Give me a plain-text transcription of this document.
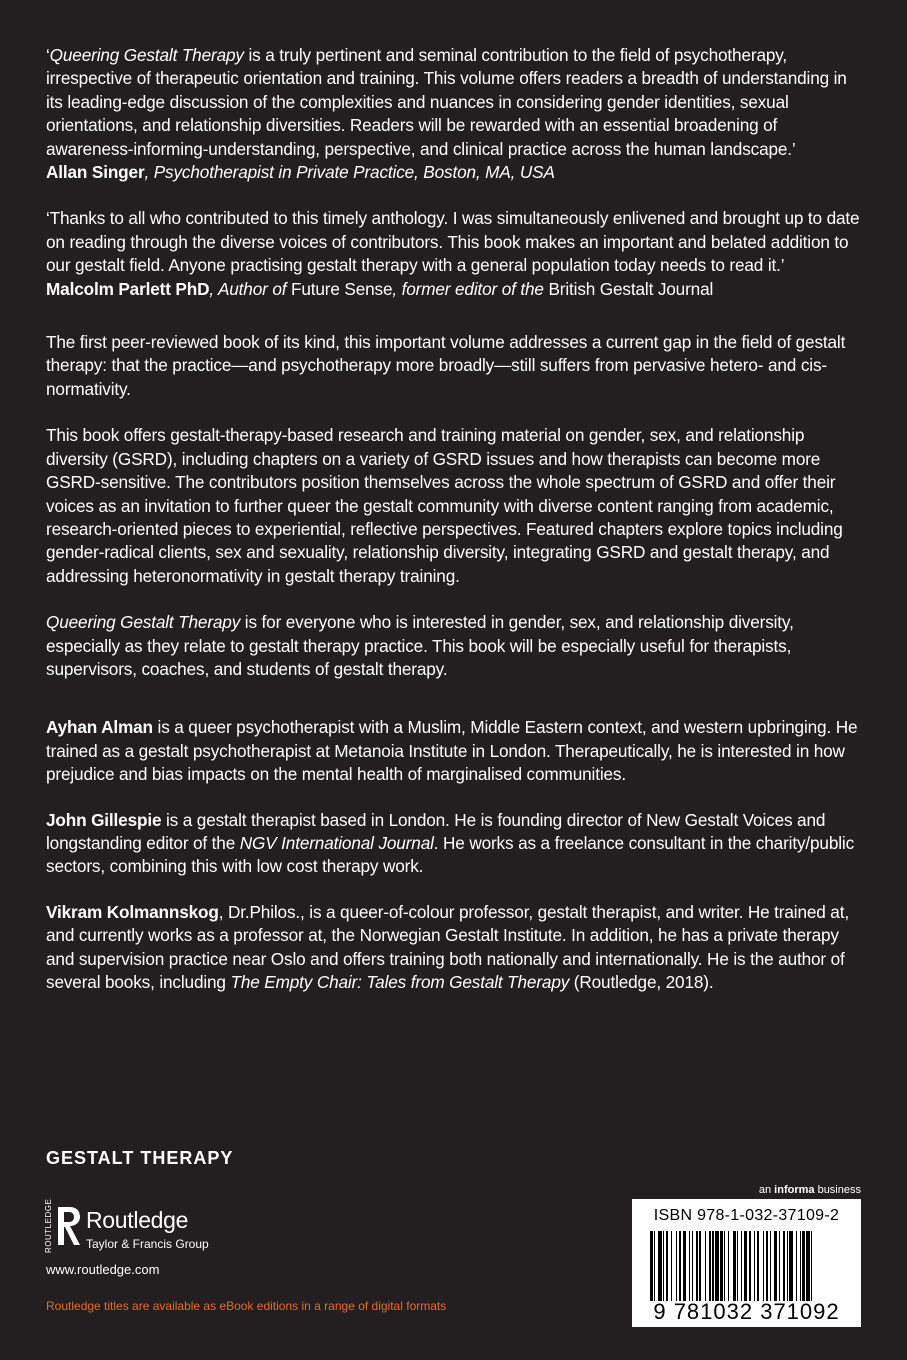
‘Queering Gestalt Therapy is a truly pertinent and seminal contribution to the field of psychotherapy, irrespective of therapeutic orientation and training. This volume offers readers a breadth of understanding in its leading-edge discussion of the complexities and nuances in considering gender identities, sexual orientations, and relationship diversities. Readers will be rewarded with an essential broadening of awareness-informing-understanding, perspective, and clinical practice across the human landscape.’
Allan Singer, Psychotherapist in Private Practice, Boston, MA, USA

‘Thanks to all who contributed to this timely anthology. I was simultaneously enlivened and brought up to date on reading through the diverse voices of contributors. This book makes an important and belated addition to our gestalt field. Anyone practising gestalt therapy with a general population today needs to read it.’
Malcolm Parlett PhD, Author of Future Sense, former editor of the British Gestalt Journal

The first peer-reviewed book of its kind, this important volume addresses a current gap in the field of gestalt therapy: that the practice—and psychotherapy more broadly—still suffers from pervasive hetero- and cis-normativity.

This book offers gestalt-therapy-based research and training material on gender, sex, and relationship diversity (GSRD), including chapters on a variety of GSRD issues and how therapists can become more GSRD-sensitive. The contributors position themselves across the whole spectrum of GSRD and offer their voices as an invitation to further queer the gestalt community with diverse content ranging from academic, research-oriented pieces to experiential, reflective perspectives. Featured chapters explore topics including gender-radical clients, sex and sexuality, relationship diversity, integrating GSRD and gestalt therapy, and addressing heteronormativity in gestalt therapy training.

Queering Gestalt Therapy is for everyone who is interested in gender, sex, and relationship diversity, especially as they relate to gestalt therapy practice. This book will be especially useful for therapists, supervisors, coaches, and students of gestalt therapy.

Ayhan Alman is a queer psychotherapist with a Muslim, Middle Eastern context, and western upbringing. He trained as a gestalt psychotherapist at Metanoia Institute in London. Therapeutically, he is interested in how prejudice and bias impacts on the mental health of marginalised communities.

John Gillespie is a gestalt therapist based in London. He is founding director of New Gestalt Voices and longstanding editor of the NGV International Journal. He works as a freelance consultant in the charity/public sectors, combining this with low cost therapy work.

Vikram Kolmannskog, Dr.Philos., is a queer-of-colour professor, gestalt therapist, and writer. He trained at, and currently works as a professor at, the Norwegian Gestalt Institute. In addition, he has a private therapy and supervision practice near Oslo and offers training both nationally and internationally. He is the author of several books, including The Empty Chair: Tales from Gestalt Therapy (Routledge, 2018).

GESTALT THERAPY
ROUTLEDGE Routledge
Taylor & Francis Group
www.routledge.com
Routledge titles are available as eBook editions in a range of digital formats
an informa business
ISBN 978-1-032-37109-2
9 781032 371092
